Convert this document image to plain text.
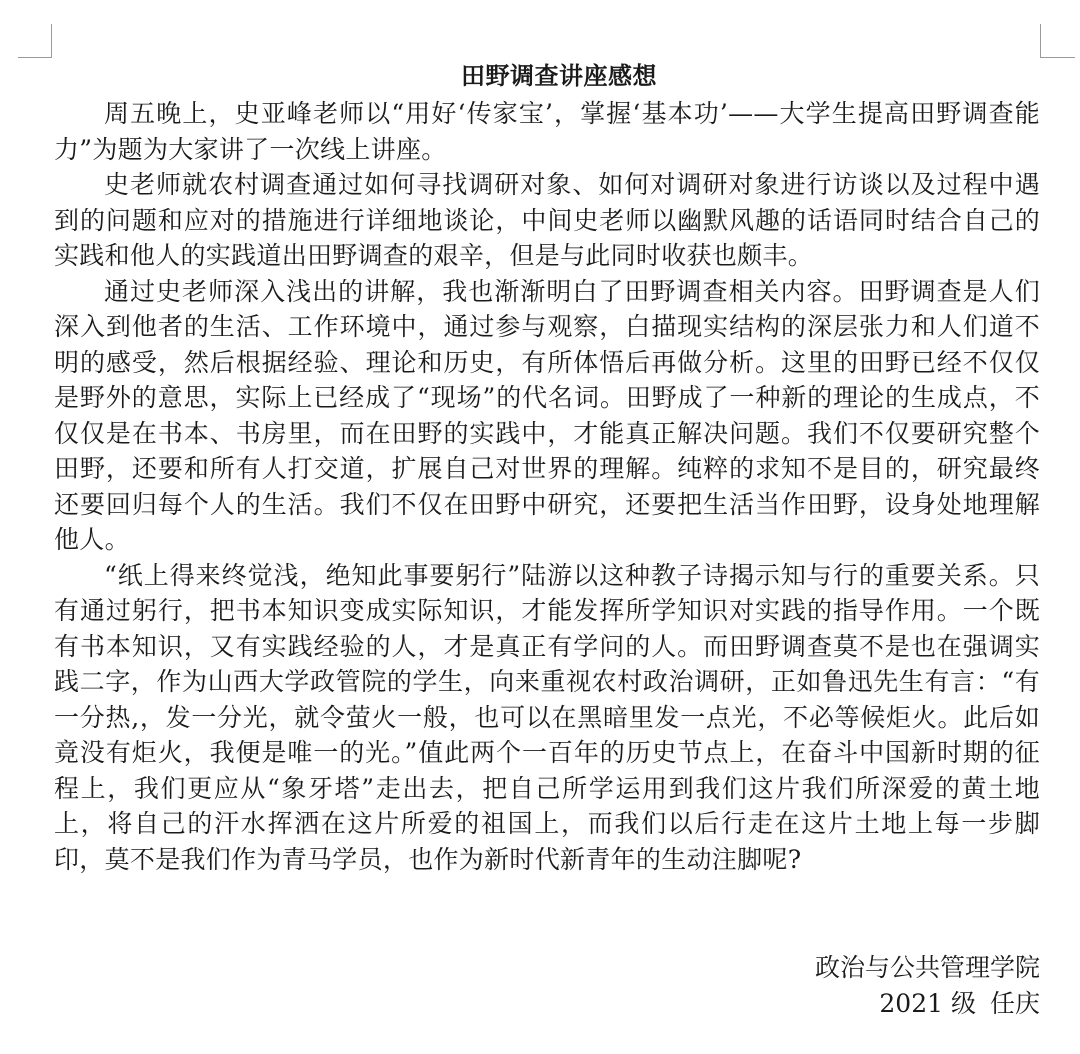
田野调查讲座感想

周五晚上，史亚峰老师以“用好‘传家宝’，掌握‘基本功’——大学生提高田野调查能力”为题为大家讲了一次线上讲座。

史老师就农村调查通过如何寻找调研对象、如何对调研对象进行访谈以及过程中遇到的问题和应对的措施进行详细地谈论，中间史老师以幽默风趣的话语同时结合自己的实践和他人的实践道出田野调查的艰辛，但是与此同时收获也颇丰。

通过史老师深入浅出的讲解，我也渐渐明白了田野调查相关内容。田野调查是人们深入到他者的生活、工作环境中，通过参与观察，白描现实结构的深层张力和人们道不明的感受，然后根据经验、理论和历史，有所体悟后再做分析。这里的田野已经不仅仅是野外的意思，实际上已经成了“现场”的代名词。田野成了一种新的理论的生成点，不仅仅是在书本、书房里，而在田野的实践中，才能真正解决问题。我们不仅要研究整个田野，还要和所有人打交道，扩展自己对世界的理解。纯粹的求知不是目的，研究最终还要回归每个人的生活。我们不仅在田野中研究，还要把生活当作田野，设身处地理解他人。

“纸上得来终觉浅，绝知此事要躬行”陆游以这种教子诗揭示知与行的重要关系。只有通过躬行，把书本知识变成实际知识，才能发挥所学知识对实践的指导作用。一个既有书本知识，又有实践经验的人，才是真正有学问的人。而田野调查莫不是也在强调实践二字，作为山西大学政管院的学生，向来重视农村政治调研，正如鲁迅先生有言：“有一分热,，发一分光，就令萤火一般，也可以在黑暗里发一点光，不必等候炬火。此后如竟没有炬火，我便是唯一的光。”值此两个一百年的历史节点上，在奋斗中国新时期的征程上，我们更应从“象牙塔”走出去，把自己所学运用到我们这片我们所深爱的黄土地上，将自己的汗水挥洒在这片所爱的祖国上，而我们以后行走在这片土地上每一步脚印，莫不是我们作为青马学员，也作为新时代新青年的生动注脚呢?

政治与公共管理学院
2021 级 任庆
